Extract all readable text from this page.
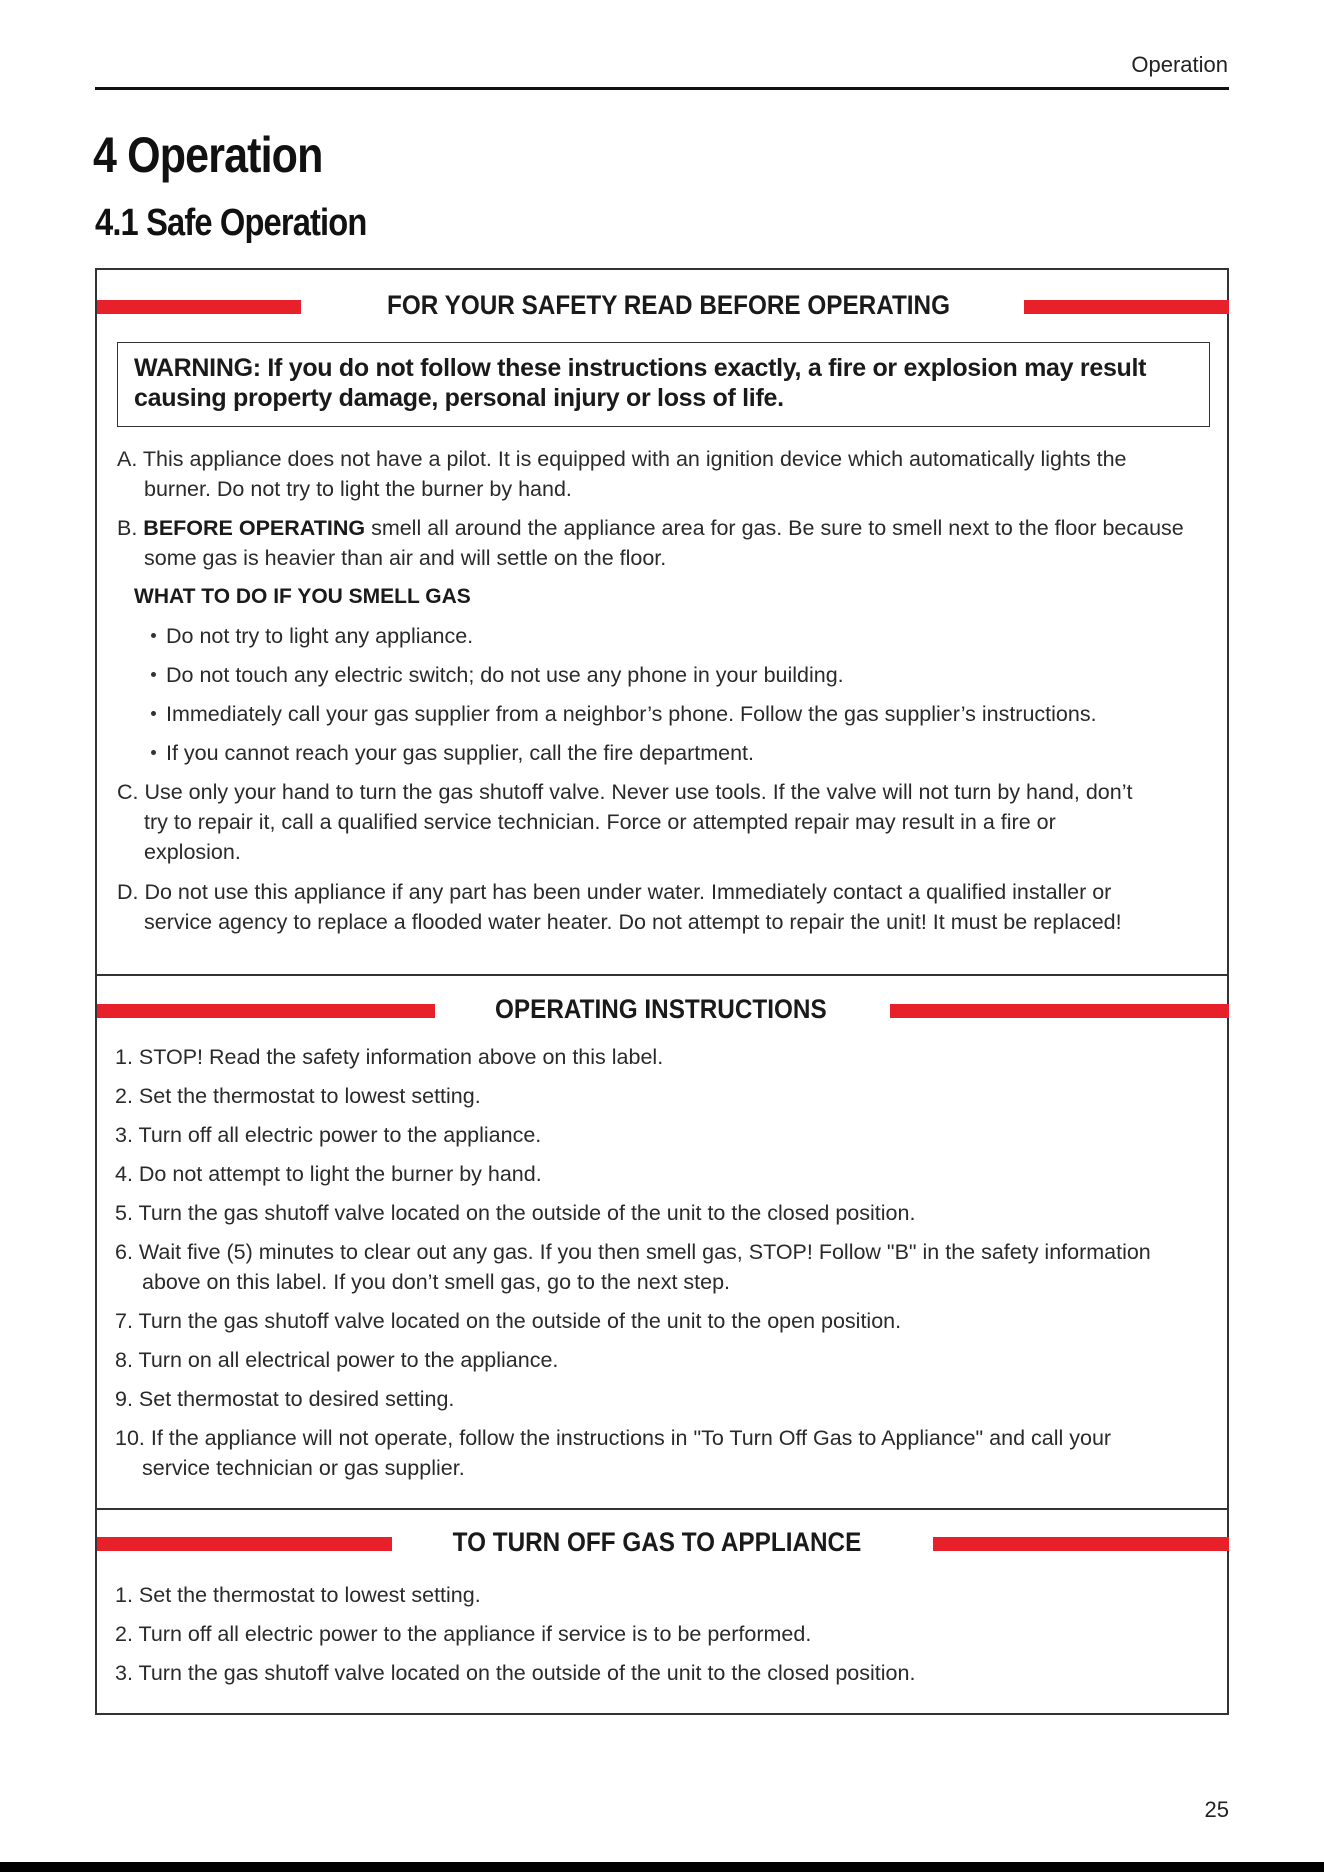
Operation
4 Operation
4.1 Safe Operation
FOR YOUR SAFETY READ BEFORE OPERATING

WARNING: If you do not follow these instructions exactly, a fire or explosion may result

causing property damage, personal injury or loss of life.

A. This appliance does not have a pilot. It is equipped with an ignition device which automatically lights the
burner. Do not try to light the burner by hand.
B. BEFORE OPERATING smell all around the appliance area for gas. Be sure to smell next to the floor because
some gas is heavier than air and will settle on the floor.
WHAT TO DO IF YOU SMELL GAS
Do not try to light any appliance.
Do not touch any electric switch; do not use any phone in your building.
Immediately call your gas supplier from a neighbor’s phone. Follow the gas supplier’s instructions.
If you cannot reach your gas supplier, call the fire department.
C. Use only your hand to turn the gas shutoff valve. Never use tools. If the valve will not turn by hand, don’t
try to repair it, call a qualified service technician. Force or attempted repair may result in a fire or
explosion.
D. Do not use this appliance if any part has been under water. Immediately contact a qualified installer or
service agency to replace a flooded water heater. Do not attempt to repair the unit! It must be replaced!
OPERATING INSTRUCTIONS
1. STOP! Read the safety information above on this label.
2. Set the thermostat to lowest setting.
3. Turn off all electric power to the appliance.
4. Do not attempt to light the burner by hand.
5. Turn the gas shutoff valve located on the outside of the unit to the closed position.
6. Wait five (5) minutes to clear out any gas. If you then smell gas, STOP! Follow "B" in the safety information
above on this label. If you don’t smell gas, go to the next step.
7. Turn the gas shutoff valve located on the outside of the unit to the open position.
8. Turn on all electrical power to the appliance.
9. Set thermostat to desired setting.
10. If the appliance will not operate, follow the instructions in "To Turn Off Gas to Appliance" and call your
service technician or gas supplier.
TO TURN OFF GAS TO APPLIANCE
1. Set the thermostat to lowest setting.
2. Turn off all electric power to the appliance if service is to be performed.
3. Turn the gas shutoff valve located on the outside of the unit to the closed position.
25
